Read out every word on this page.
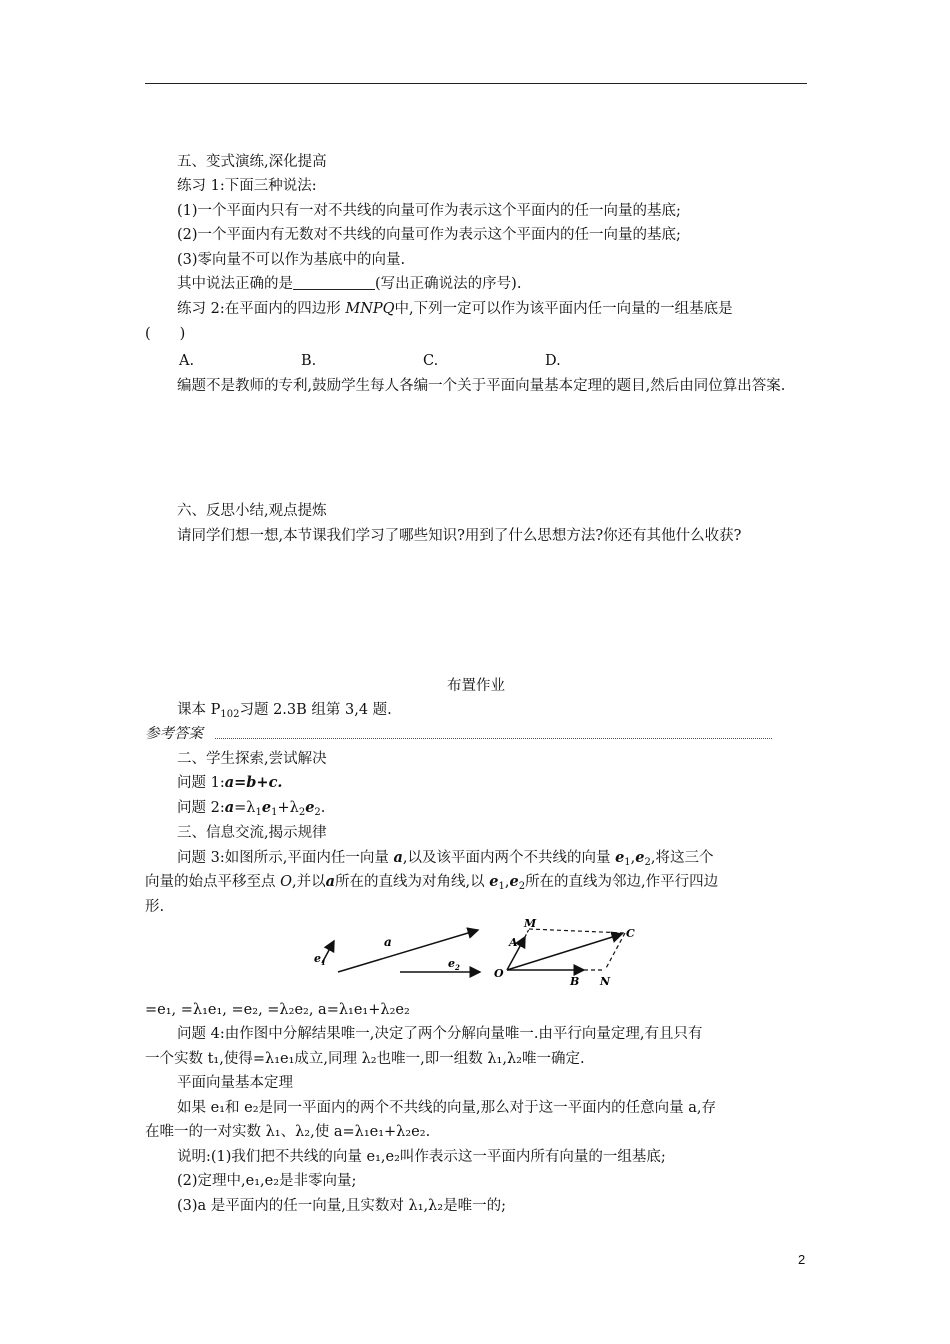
五、变式演练,深化提高
练习 1:下面三种说法:
(1)一个平面内只有一对不共线的向量可作为表示这个平面内的任一向量的基底;
(2)一个平面内有无数对不共线的向量可作为表示这个平面内的任一向量的基底;
(3)零向量不可以作为基底中的向量.
其中说法正确的是	(写出正确说法的序号).
练习 2:在平面内的四边形 MNPQ中,下列一定可以作为该平面内任一向量的一组基底是
(　　)
A.	B.	C.	D.
编题不是教师的专利,鼓励学生每人各编一个关于平面向量基本定理的题目,然后由同位算出答案.
六、反思小结,观点提炼
请同学们想一想,本节课我们学习了哪些知识?用到了什么思想方法?你还有其他什么收获?
布置作业
课本 $P_{102}$习题 2.3B 组第 3,4 题.
参考答案
二、学生探索,尝试解决
问题 1:a=b+c.
问题 $2:a=\lambda_1e_1+\lambda_2e_2$.
三、信息交流,揭示规律
问题 3:如图所示,平面内任一向量 a,以及该平面内两个不共线的向量 $e_1,e_2$,将这三个
向量的始点平移至点 O,并以a所在的直线为对角线,以 $e_1,e_2$所在的直线为邻边,作平行四边
形.
e 1
a
e 2
M
A
C
O
B N
=e₁, =λ₁e₁, =e₂, =λ₂e₂, a=λ₁e₁+λ₂e₂
问题 4:由作图中分解结果唯一,决定了两个分解向量唯一.由平行向量定理,有且只有
一个实数 t₁,使得=λ₁e₁成立,同理 λ₂也唯一,即一组数 λ₁,λ₂唯一确定.
平面向量基本定理
如果 e₁和 e₂是同一平面内的两个不共线的向量,那么对于这一平面内的任意向量 a,存
在唯一的一对实数 λ₁、λ₂,使 a=λ₁e₁+λ₂e₂.
说明:(1)我们把不共线的向量 e₁,e₂叫作表示这一平面内所有向量的一组基底;
(2)定理中,e₁,e₂是非零向量;
(3)a 是平面内的任一向量,且实数对 λ₁,λ₂是唯一的;
2
